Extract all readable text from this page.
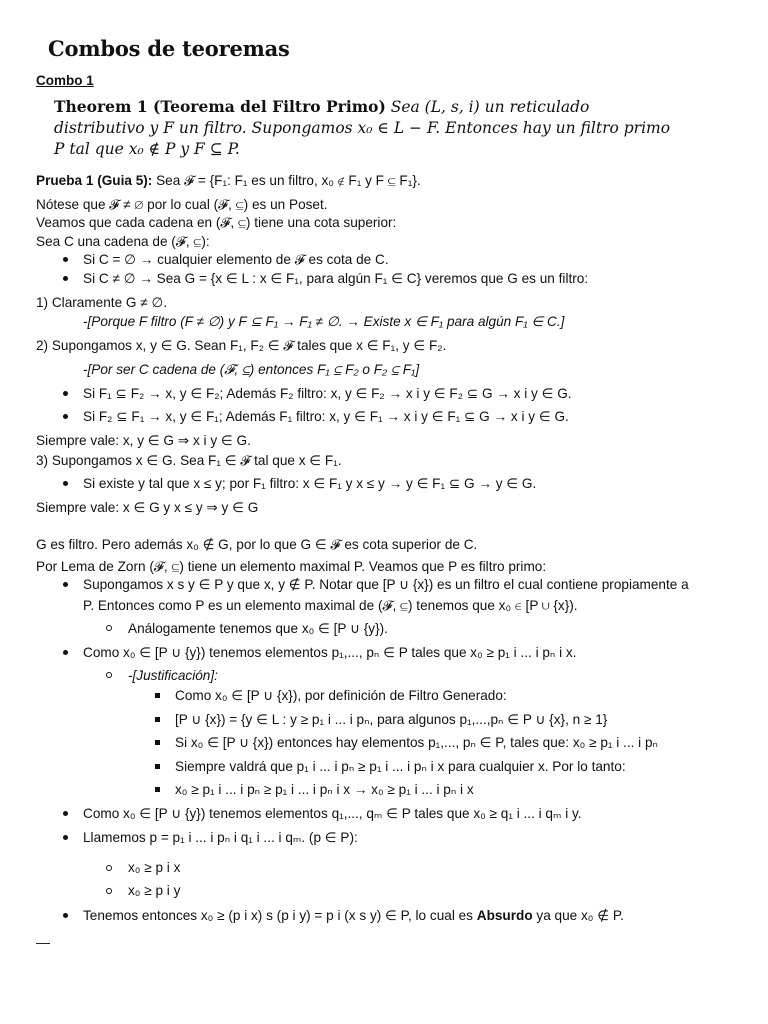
Combos de teoremas
Combo 1
Theorem 1 (Teorema del Filtro Primo) Sea (L, s, i) un reticulado distributivo y F un filtro. Supongamos x₀ ∈ L − F. Entonces hay un filtro primo P tal que x₀ ∉ P y F ⊆ P.
Prueba 1 (Guia 5): Sea 𝓕 = {F₁: F₁ es un filtro, x₀ ∉ F₁ y F ⊆ F₁}.
Nótese que 𝓕 ≠ ∅ por lo cual (𝓕, ⊆) es un Poset.
Veamos que cada cadena en (𝓕, ⊆) tiene una cota superior:
Sea C una cadena de (𝓕, ⊆):
Si C = ∅ → cualquier elemento de 𝓕 es cota de C.
Si C ≠ ∅ → Sea G = {x ∈ L : x ∈ F₁, para algún F₁ ∈ C} veremos que G es un filtro:
1) Claramente G ≠ ∅.
-[Porque F filtro (F ≠ ∅) y F ⊆ F₁ → F₁ ≠ ∅. → Existe x ∈ F₁ para algún F₁ ∈ C.]
2) Supongamos x, y ∈ G. Sean F₁, F₂ ∈ 𝓕 tales que x ∈ F₁, y ∈ F₂.
-[Por ser C cadena de (𝓕, ⊆) entonces F₁ ⊆ F₂ o F₂ ⊆ F₁]
Si F₁ ⊆ F₂ → x, y ∈ F₂; Además F₂ filtro: x, y ∈ F₂ → x i y ∈ F₂ ⊆ G → x i y ∈ G.
Si F₂ ⊆ F₁ → x, y ∈ F₁; Además F₁ filtro: x, y ∈ F₁ → x i y ∈ F₁ ⊆ G → x i y ∈ G.
Siempre vale: x, y ∈ G ⇒ x i y ∈ G.
3) Supongamos x ∈ G. Sea F₁ ∈ 𝓕 tal que x ∈ F₁.
Si existe y tal que x ≤ y; por F₁ filtro: x ∈ F₁ y x ≤ y → y ∈ F₁ ⊆ G → y ∈ G.
Siempre vale: x ∈ G y x ≤ y ⇒ y ∈ G
G es filtro. Pero además x₀ ∉ G, por lo que G ∈ 𝓕 es cota superior de C.
Por Lema de Zorn (𝓕, ⊆) tiene un elemento maximal P. Veamos que P es filtro primo:
Supongamos x s y ∈ P y que x, y ∉ P. Notar que [P ∪ {x}) es un filtro el cual contiene propiamente a
P. Entonces como P es un elemento maximal de (𝓕, ⊆) tenemos que x₀ ∈ [P ∪ {x}).
Análogamente tenemos que x₀ ∈ [P ∪ {y}).
Como x₀ ∈ [P ∪ {y}) tenemos elementos p₁,..., pₙ ∈ P tales que x₀ ≥ p₁ i ... i pₙ i x.
-[Justificación]:
Como x₀ ∈ [P ∪ {x}), por definición de Filtro Generado:
[P ∪ {x}) = {y ∈ L : y ≥ p₁ i ... i pₙ, para algunos p₁,...,pₙ ∈ P ∪ {x}, n ≥ 1}
Si x₀ ∈ [P ∪ {x}) entonces hay elementos p₁,..., pₙ ∈ P, tales que: x₀ ≥ p₁ i ... i pₙ
Siempre valdrá que p₁ i ... i pₙ ≥ p₁ i ... i pₙ i x para cualquier x. Por lo tanto:
x₀ ≥ p₁ i ... i pₙ ≥ p₁ i ... i pₙ i x → x₀ ≥ p₁ i ... i pₙ i x
Como x₀ ∈ [P ∪ {y}) tenemos elementos q₁,..., qₘ ∈ P tales que x₀ ≥ q₁ i ... i qₘ i y.
Llamemos p = p₁ i ... i pₙ i q₁ i ... i qₘ. (p ∈ P):
x₀ ≥ p i x
x₀ ≥ p i y
Tenemos entonces x₀ ≥ (p i x) s (p i y) = p i (x s y) ∈ P, lo cual es Absurdo ya que x₀ ∉ P.
—
